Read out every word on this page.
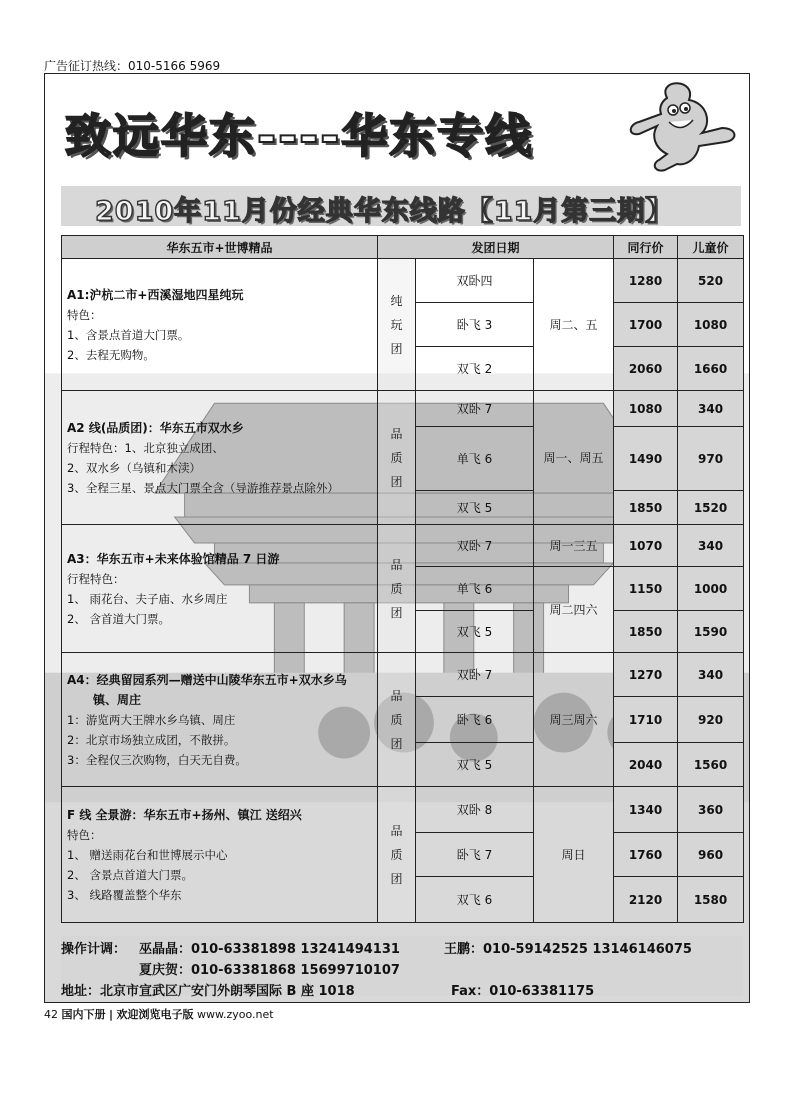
广告征订热线：010-5166 5969
致远华东----华东专线
2010年11月份经典华东线路【11月第三期】
华东五市+世博精品	发团日期			同行价	儿童价

A1:沪杭二市+西溪湿地四星纯玩
特色：
1、含景点首道大门票。
2、去程无购物。	纯玩团	双卧四	周二、五	1280	520
		卧飞 3		1700	1080
		双飞 2		2060	1660

A2 线(品质团)：华东五市双水乡
行程特色：1、北京独立成团、
2、双水乡（乌镇和木渎）
3、全程三星、景点大门票全含（导游推荐景点除外）	品质团	双卧 7	周一、周五	1080	340
		单飞 6		1490	970
		双飞 5		1850	1520

A3：华东五市+未来体验馆精品 7 日游
行程特色：
1、 雨花台、夫子庙、水乡周庄
2、 含首道大门票。	品质团	双卧 7	周一三五	1070	340
		单飞 6	周二四六	1150	1000
		双飞 5		1850	1590

A4：经典留园系列—赠送中山陵华东五市+双水乡乌
镇、周庄
1：游览两大王牌水乡乌镇、周庄
2：北京市场独立成团，不散拼。
3：全程仅三次购物，白天无自费。	品质团	双卧 7	周三周六	1270	340
		卧飞 6		1710	920
		双飞 5		2040	1560

F 线 全景游：华东五市+扬州、镇江 送绍兴
特色：
1、 赠送雨花台和世博展示中心
2、 含景点首道大门票。
3、 线路覆盖整个华东	品质团	双卧 8	周日	1340	360
		卧飞 7		1760	960
		双飞 6		2120	1580
操作计调： 巫晶晶：010-63381898 13241494131	王鹏：010-59142525 13146146075
夏庆贺：010-63381868 15699710107
地址：北京市宣武区广安门外朗琴国际 B 座 1018	Fax：010-63381175
42 国内下册 | 欢迎浏览电子版 www.zyoo.net
